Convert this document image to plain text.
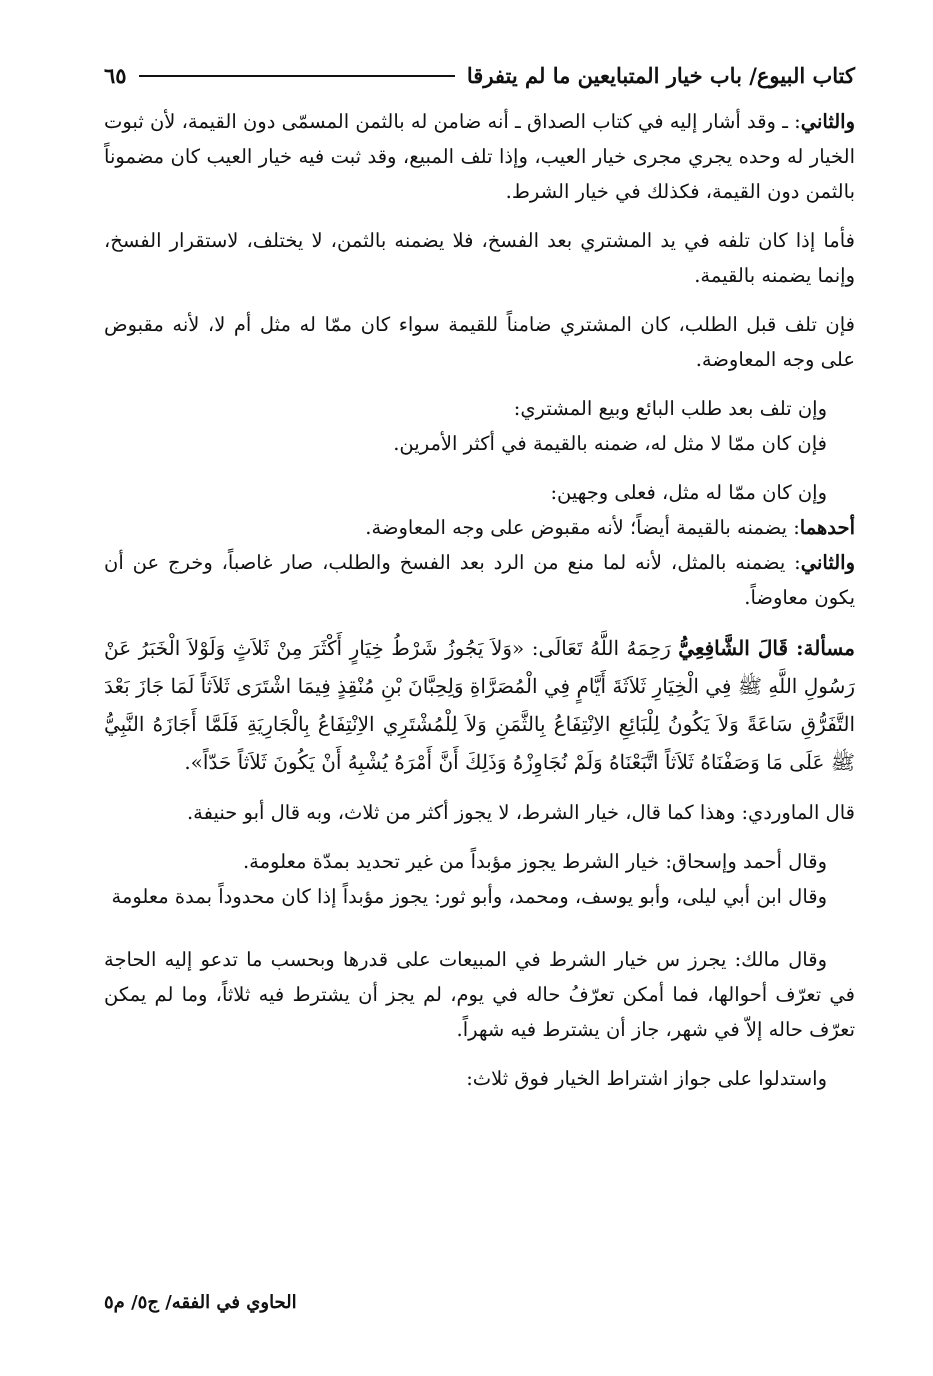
كتاب البيوع/ باب خيار المتبايعين ما لم يتفرقا
٦٥

والثاني: ـ وقد أشار إليه في كتاب الصداق ـ أنه ضامن له بالثمن المسمّى دون القيمة، لأن ثبوت الخيار له وحده يجري مجرى خيار العيب، وإذا تلف المبيع، وقد ثبت فيه خيار العيب كان مضموناً بالثمن دون القيمة، فكذلك في خيار الشرط.

فأما إذا كان تلفه في يد المشتري بعد الفسخ، فلا يضمنه بالثمن، لا يختلف، لاستقرار الفسخ، وإنما يضمنه بالقيمة.

فإن تلف قبل الطلب، كان المشتري ضامناً للقيمة سواء كان ممّا له مثل أم لا، لأنه مقبوض على وجه المعاوضة.

وإن تلف بعد طلب البائع وبيع المشتري:

فإن كان ممّا لا مثل له، ضمنه بالقيمة في أكثر الأمرين.

وإن كان ممّا له مثل، فعلى وجهين:

أحدهما: يضمنه بالقيمة أيضاً؛ لأنه مقبوض على وجه المعاوضة.

والثاني: يضمنه بالمثل، لأنه لما منع من الرد بعد الفسخ والطلب، صار غاصباً، وخرج عن أن يكون معاوضاً.

مسألة: قَالَ الشَّافِعِيُّ رَحِمَهُ اللَّهُ تَعَالَى: «وَلاَ يَجُوزُ شَرْطُ خِيَارٍ أَكْثَرَ مِنْ ثَلاَثٍ وَلَوْلاَ الْخَبَرُ عَنْ رَسُولِ اللَّهِ ﷺ فِي الْخِيَارِ ثَلاَثَةَ أَيَّامٍ فِي الْمُصَرَّاةِ وَلِحِبَّانَ بْنِ مُنْقِذٍ فِيمَا اشْتَرَى ثَلاَثاً لَمَا جَازَ بَعْدَ التَّفَرُّقِ سَاعَةً وَلاَ يَكُونُ لِلْبَائِعِ الاِنْتِفَاعُ بِالثَّمَنِ وَلاَ لِلْمُشْتَرِي الاِنْتِفَاعُ بِالْجَارِيَةِ فَلَمَّا أَجَازَهُ النَّبِيُّ ﷺ عَلَى مَا وَصَفْنَاهُ ثَلاَثاً اتَّبَعْنَاهُ وَلَمْ نُجَاوِزْهُ وَذَلِكَ أَنَّ أَمْرَهُ يُشْبِهُ أَنْ يَكُونَ ثَلاَثاً حَدّاً».

قال الماوردي: وهذا كما قال، خيار الشرط، لا يجوز أكثر من ثلاث، وبه قال أبو حنيفة.

وقال أحمد وإسحاق: خيار الشرط يجوز مؤبداً من غير تحديد بمدّة معلومة.

وقال ابن أبي ليلى، وأبو يوسف، ومحمد، وأبو ثور: يجوز مؤبداً إذا كان محدوداً بمدة معلومة

وقال مالك: يجرز س خيار الشرط في المبيعات على قدرها وبحسب ما تدعو إليه الحاجة في تعرّف أحوالها، فما أمكن تعرّفُ حاله في يوم، لم يجز أن يشترط فيه ثلاثاً، وما لم يمكن تعرّف حاله إلاّ في شهر، جاز أن يشترط فيه شهراً.

واستدلوا على جواز اشتراط الخيار فوق ثلاث:

الحاوي في الفقه/ ج٥/ م٥
